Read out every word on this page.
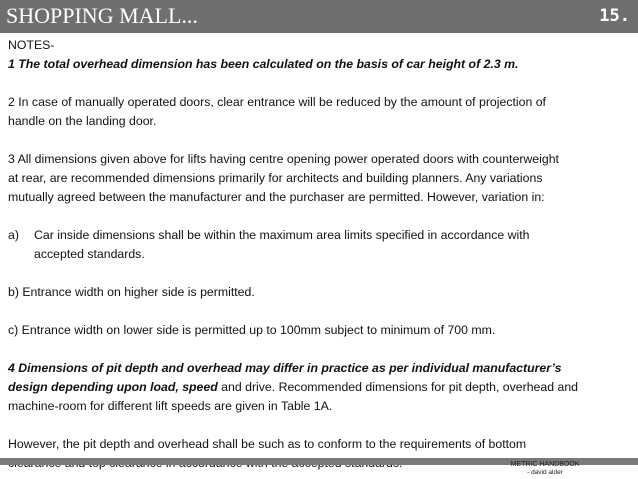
SHOPPING MALL...	15.

NOTES-

1 The total overhead dimension has been calculated on the basis of car height of 2.3 m.

2 In case of manually operated doors, clear entrance will be reduced by the amount of projection of

handle on the landing door.

3 All dimensions given above for lifts having centre opening power operated doors with counterweight

at rear, are recommended dimensions primarily for architects and building planners. Any variations

mutually agreed between the manufacturer and the purchaser are permitted. However, variation in:

a)	Car inside dimensions shall be within the maximum area limits specified in accordance with

accepted standards.

b) Entrance width on higher side is permitted.

c) Entrance width on lower side is permitted up to 100mm subject to minimum of 700 mm.

4 Dimensions of pit depth and overhead may differ in practice as per individual manufacturer’s

design depending upon load, speed and drive. Recommended dimensions for pit depth, overhead and

machine-room for different lift speeds are given in Table 1A.

However, the pit depth and overhead shall be such as to conform to the requirements of bottom

METRIC HANDBOOK
- david alder
